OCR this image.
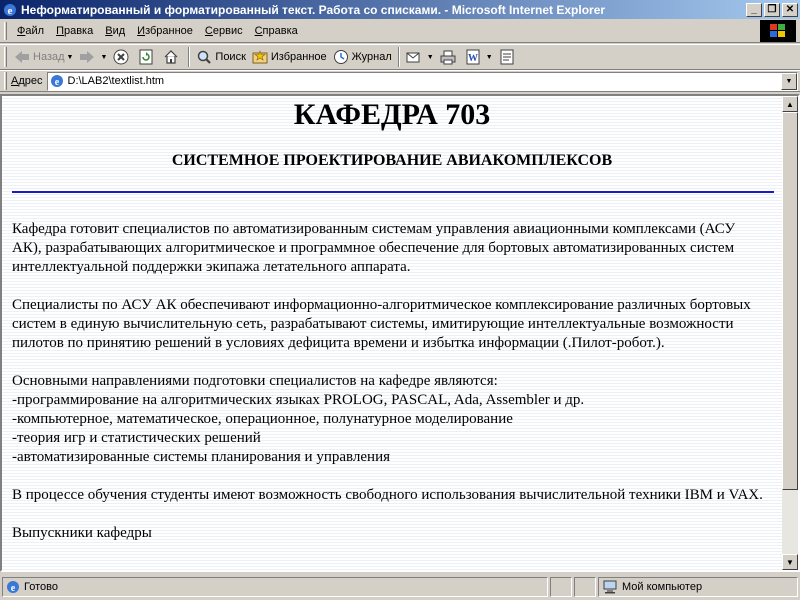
e Неформатированный и форматированный текст. Работа со списками. - Microsoft Internet Explorer	_	❐ ✕
Файл	Правка	Вид	Избранное	Сервис	Справка
Назад ▼	▼	Поиск Избранное Журнал	▼	W ▼
Адрес e D:\LAB2\textlist.htm	▼
КАФЕДРА 703
СИСТЕМНОЕ ПРОЕКТИРОВАНИЕ АВИАКОМПЛЕКСОВ

Кафедра готовит специалистов по автоматизированным системам управления авиационными комплексами (АСУ АК), разрабатывающих алгоритмическое и программное обеспечение для бортовых автоматизированных систем интеллектуальной поддержки экипажа летательного аппарата.

Специалисты по АСУ АК обеспечивают информационно-алгоритмическое комплексирование различных бортовых систем в единую вычислительную сеть, разрабатывают системы, имитирующие интеллектуальные возможности пилотов по принятию решений в условиях дефицита времени и избытка информации (.Пилот-робот.).

Основными направлениями подготовки специалистов на кафедре являются:

-программирование на алгоритмических языках PROLOG, PASCAL, Ada, Assembler и др.

-компьютерное, математическое, операционное, полунатурное моделирование

-теория игр и статистических решений

-автоматизированные системы планирования и управления

В процессе обучения студенты имеют возможность свободного использования вычислительной техники IBM и VAX.

Выпускники кафедры

▲
▼
e Готово	Мой компьютер
